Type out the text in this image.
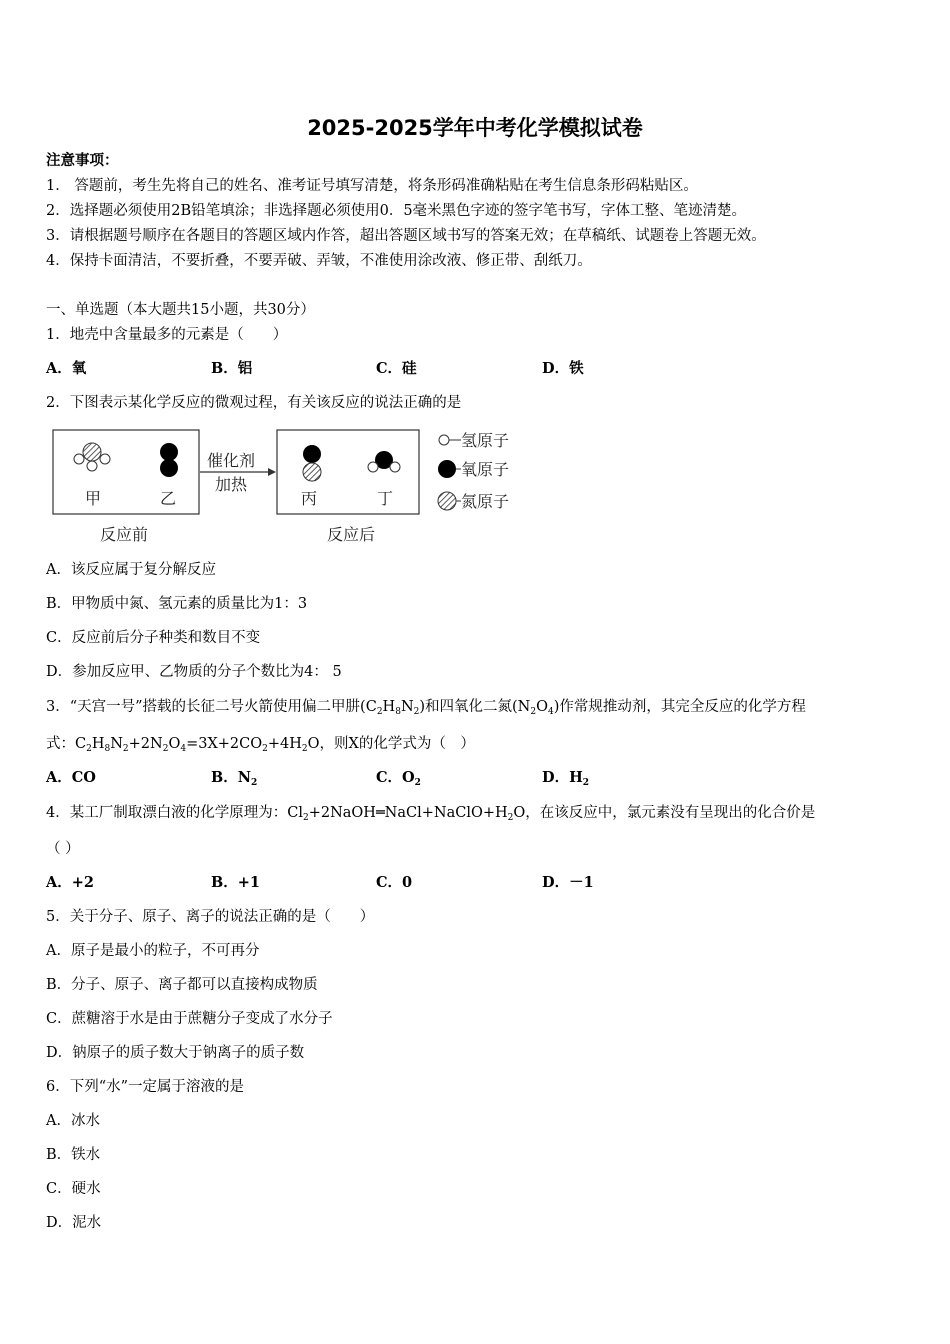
2025-2025学年中考化学模拟试卷
注意事项：
1． 答题前，考生先将自己的姓名、准考证号填写清楚，将条形码准确粘贴在考生信息条形码粘贴区。
2．选择题必须使用2B铅笔填涂；非选择题必须使用0．5毫米黑色字迹的签字笔书写，字体工整、笔迹清楚。
3．请根据题号顺序在各题目的答题区域内作答，超出答题区域书写的答案无效；在草稿纸、试题卷上答题无效。
4．保持卡面清洁，不要折叠，不要弄破、弄皱，不准使用涂改液、修正带、刮纸刀。
一、单选题（本大题共15小题，共30分）
1．地壳中含量最多的元素是（　　）
A．氧	B．铝	C．硅	D．铁
2．下图表示某化学反应的微观过程，有关该反应的说法正确的是
甲	乙
反应前
催化剂
加热
丙	丁
反应后
氢原子
氧原子
氮原子
A．该反应属于复分解反应
B．甲物质中氮、氢元素的质量比为1：3
C．反应前后分子种类和数目不变
D．参加反应甲、乙物质的分子个数比为4： 5
3．“天宫一号”搭载的长征二号火箭使用偏二甲肼$(C_2H_8N_2)$和四氧化二氮$(N_2O_4)$作常规推动剂，其完全反应的化学方程
式：$C_2H_8N_2+2N_2O_4=3X+2CO_2+4H_2O$，则X的化学式为（　）
A．CO	B．$N_2$	C．$O_2$	D．$H_2$
4．某工厂制取漂白液的化学原理为：$Cl_2+2NaOH═NaCl+NaClO+H_2O$，在该反应中，氯元素没有呈现出的化合价是
（ ）
A．+2	B．+1	C．0	D．－1
5．关于分子、原子、离子的说法正确的是（　　）
A．原子是最小的粒子，不可再分
B．分子、原子、离子都可以直接构成物质
C．蔗糖溶于水是由于蔗糖分子变成了水分子
D．钠原子的质子数大于钠离子的质子数
6．下列“水”一定属于溶液的是
A．冰水
B．铁水
C．硬水
D．泥水
